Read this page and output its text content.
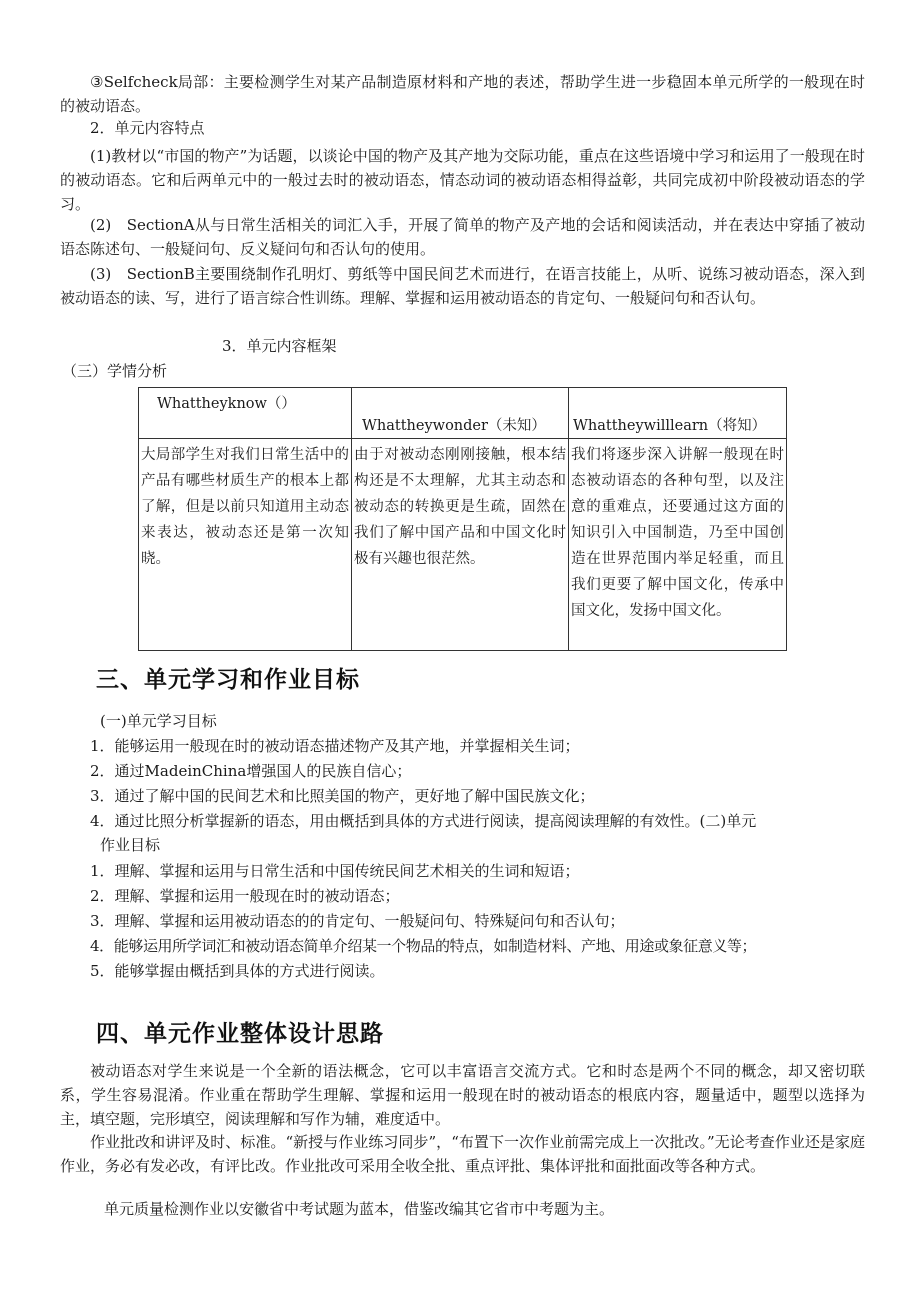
③Selfcheck局部：主要检测学生对某产品制造原材料和产地的表述，帮助学生进一步稳固本单元所学的一般现在时的被动语态。

2．单元内容特点

(1)教材以“市国的物产”为话题，以谈论中国的物产及其产地为交际功能，重点在这些语境中学习和运用了一般现在时的被动语态。它和后两单元中的一般过去时的被动语态，情态动词的被动语态相得益彰，共同完成初中阶段被动语态的学习。

(2)　SectionA从与日常生活相关的词汇入手，开展了简单的物产及产地的会话和阅读活动，并在表达中穿插了被动语态陈述句、一般疑问句、反义疑问句和否认句的使用。

(3)　SectionB主要围绕制作孔明灯、剪纸等中国民间艺术而进行，在语言技能上，从听、说练习被动语态，深入到被动语态的读、写，进行了语言综合性训练。理解、掌握和运用被动语态的肯定句、一般疑问句和否认句。

3．单元内容框架

（三）学情分析

Whattheyknow（）	Whattheywonder（未知）	Whattheywilllearn（将知）

大局部学生对我们日常生活中的产品有哪些材质生产的根本上都了解，但是以前只知道用主动态来表达，被动态还是第一次知晓。	由于对被动态刚刚接触，根本结构还是不太理解，尤其主动态和被动态的转换更是生疏，固然在我们了解中国产品和中国文化时极有兴趣也很茫然。	我们将逐步深入讲解一般现在时态被动语态的各种句型，以及注意的重难点，还要通过这方面的知识引入中国制造，乃至中国创造在世界范围内举足轻重，而且我们更要了解中国文化，传承中国文化，发扬中国文化。
三、单元学习和作业目标

(一)单元学习目标

1．能够运用一般现在时的被动语态描述物产及其产地，并掌握相关生词；

2．通过MadeinChina增强国人的民族自信心；

3．通过了解中国的民间艺术和比照美国的物产，更好地了解中国民族文化；

4．通过比照分析掌握新的语态，用由概括到具体的方式进行阅读，提高阅读理解的有效性。(二)单元

作业目标

1．理解、掌握和运用与日常生活和中国传统民间艺术相关的生词和短语；

2．理解、掌握和运用一般现在时的被动语态；

3．理解、掌握和运用被动语态的的肯定句、一般疑问句、特殊疑问句和否认句；

4．能够运用所学词汇和被动语态简单介绍某一个物品的特点，如制造材料、产地、用途或象征意义等；

5．能够掌握由概括到具体的方式进行阅读。

四、单元作业整体设计思路

被动语态对学生来说是一个全新的语法概念，它可以丰富语言交流方式。它和时态是两个不同的概念，却又密切联系，学生容易混淆。作业重在帮助学生理解、掌握和运用一般现在时的被动语态的根底内容，题量适中，题型以选择为主，填空题，完形填空，阅读理解和写作为辅，难度适中。

作业批改和讲评及时、标准。“新授与作业练习同步”，“布置下一次作业前需完成上一次批改。”无论考查作业还是家庭作业，务必有发必改，有评比改。作业批改可采用全收全批、重点评批、集体评批和面批面改等各种方式。

单元质量检测作业以安徽省中考试题为蓝本，借鉴改编其它省市中考题为主。
